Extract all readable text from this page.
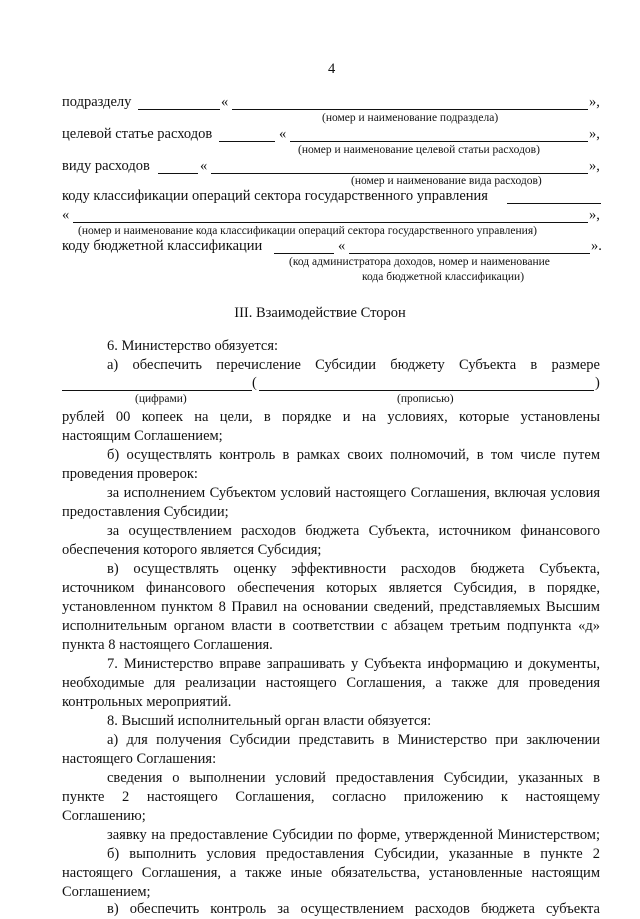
4
подразделу	«	»,
(номер и наименование подраздела)
целевой статье расходов	«	»,
(номер и наименование целевой статьи расходов)
виду расходов	«	»,
(номер и наименование вида расходов)
коду классификации операций сектора государственного управления
«	»,
(номер и наименование кода классификации операций сектора государственного управления)
коду бюджетной классификации	«	».
(код администратора доходов, номер и наименование
кода бюджетной классификации)
III. Взаимодействие Сторон
6. Министерство обязуется:
а) обеспечить перечисление Субсидии бюджету Субъекта в размере
(	)
(цифрами)	(прописью)
рублей 00 копеек на цели, в порядке и на условиях, которые установлены
настоящим Соглашением;
б) осуществлять контроль в рамках своих полномочий, в том числе путем
проведения проверок:
за исполнением Субъектом условий настоящего Соглашения, включая условия
предоставления Субсидии;
за осуществлением расходов бюджета Субъекта, источником финансового
обеспечения которого является Субсидия;
в) осуществлять оценку эффективности расходов бюджета Субъекта,
источником финансового обеспечения которых является Субсидия, в порядке,
установленном пунктом 8 Правил на основании сведений, представляемых Высшим
исполнительным органом власти в соответствии с абзацем третьим подпункта «д»
пункта 8 настоящего Соглашения.
7. Министерство вправе запрашивать у Субъекта информацию и документы,
необходимые для реализации настоящего Соглашения, а также для проведения
контрольных мероприятий.
8. Высший исполнительный орган власти обязуется:
а) для получения Субсидии представить в Министерство при заключении
настоящего Соглашения:
сведения о выполнении условий предоставления Субсидии, указанных в
пункте 2 настоящего Соглашения, согласно приложению к настоящему
Соглашению;
заявку на предоставление Субсидии по форме, утвержденной Министерством;
б) выполнить условия предоставления Субсидии, указанные в пункте 2
настоящего Соглашения, а также иные обязательства, установленные настоящим
Соглашением;
в) обеспечить контроль за осуществлением расходов бюджета субъекта
